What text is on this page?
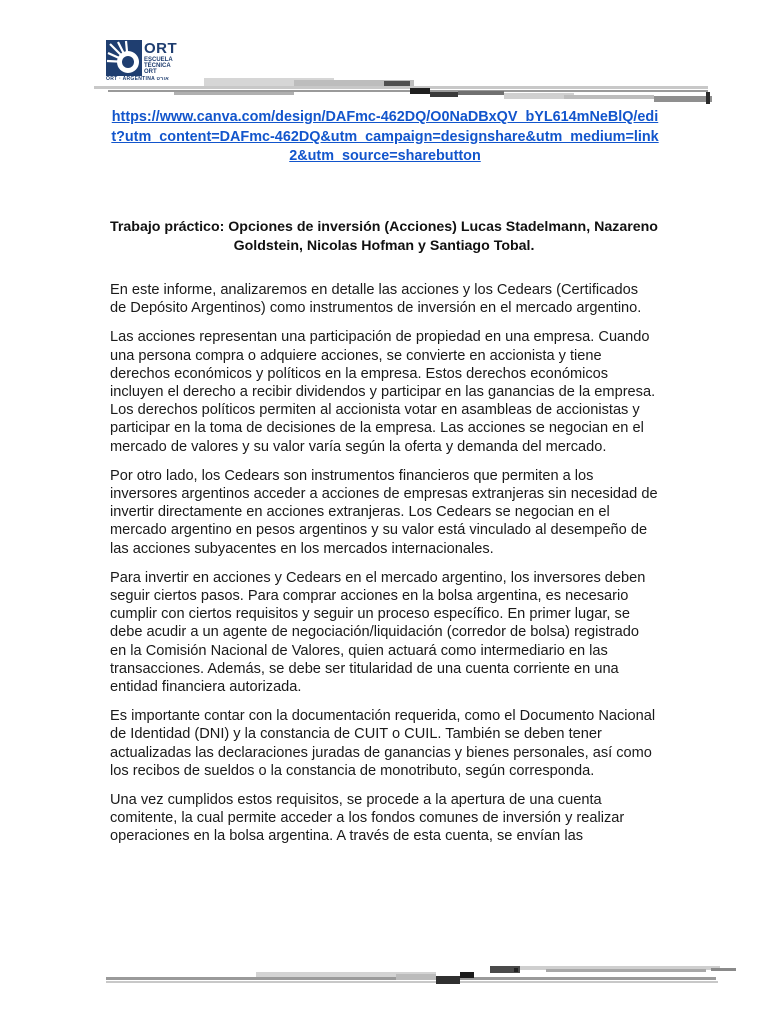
ORT
ESCUELA TÉCNICA ORT
ORT · ARGENTINA אורט
https://www.canva.com/design/DAFmc-462DQ/O0NaDBxQV_bYL614mNeBlQ/edit?utm_content=DAFmc-462DQ&utm_campaign=designshare&utm_medium=link2&utm_source=sharebutton
Trabajo práctico: Opciones de inversión (Acciones) Lucas Stadelmann, Nazareno Goldstein, Nicolas Hofman y Santiago Tobal.

En este informe, analizaremos en detalle las acciones y los Cedears (Certificados de Depósito Argentinos) como instrumentos de inversión en el mercado argentino.

Las acciones representan una participación de propiedad en una empresa. Cuando una persona compra o adquiere acciones, se convierte en accionista y tiene derechos económicos y políticos en la empresa. Estos derechos económicos incluyen el derecho a recibir dividendos y participar en las ganancias de la empresa. Los derechos políticos permiten al accionista votar en asambleas de accionistas y participar en la toma de decisiones de la empresa. Las acciones se negocian en el mercado de valores y su valor varía según la oferta y demanda del mercado.

Por otro lado, los Cedears son instrumentos financieros que permiten a los inversores argentinos acceder a acciones de empresas extranjeras sin necesidad de invertir directamente en acciones extranjeras. Los Cedears se negocian en el mercado argentino en pesos argentinos y su valor está vinculado al desempeño de las acciones subyacentes en los mercados internacionales.

Para invertir en acciones y Cedears en el mercado argentino, los inversores deben seguir ciertos pasos. Para comprar acciones en la bolsa argentina, es necesario cumplir con ciertos requisitos y seguir un proceso específico. En primer lugar, se debe acudir a un agente de negociación/liquidación (corredor de bolsa) registrado en la Comisión Nacional de Valores, quien actuará como intermediario en las transacciones. Además, se debe ser titularidad de una cuenta corriente en una entidad financiera autorizada.

Es importante contar con la documentación requerida, como el Documento Nacional de Identidad (DNI) y la constancia de CUIT o CUIL. También se deben tener actualizadas las declaraciones juradas de ganancias y bienes personales, así como los recibos de sueldos o la constancia de monotributo, según corresponda.

Una vez cumplidos estos requisitos, se procede a la apertura de una cuenta comitente, la cual permite acceder a los fondos comunes de inversión y realizar operaciones en la bolsa argentina. A través de esta cuenta, se envían las
